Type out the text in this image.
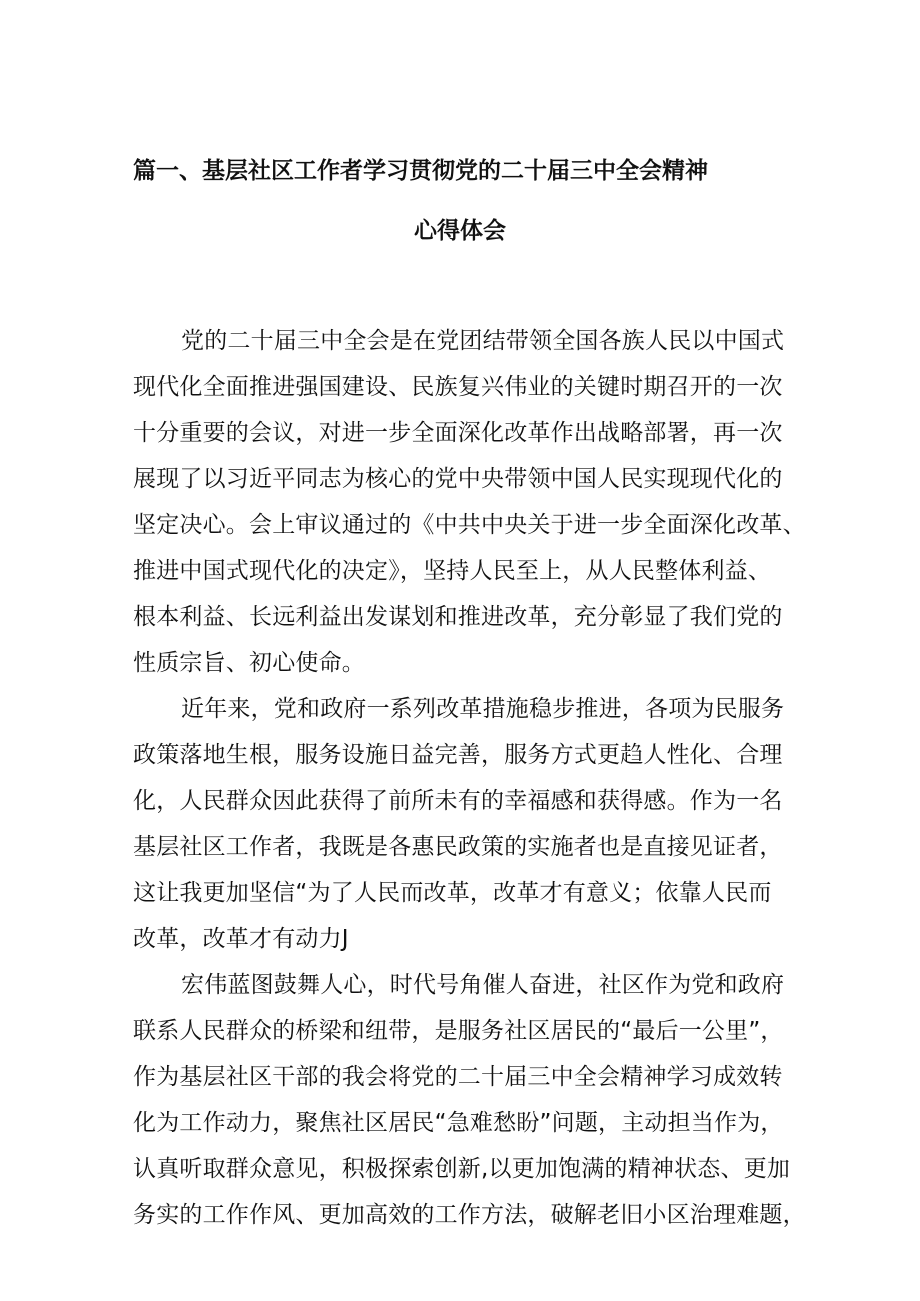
篇一、基层社区工作者学习贯彻党的二十届三中全会精神
心得体会
党的二十届三中全会是在党团结带领全国各族人民以中国式
现代化全面推进强国建设、民族复兴伟业的关键时期召开的一次
十分重要的会议，对进一步全面深化改革作出战略部署，再一次
展现了以习近平同志为核心的党中央带领中国人民实现现代化的
坚定决心。会上审议通过的《中共中央关于进一步全面深化改革、
推进中国式现代化的决定》，坚持人民至上，从人民整体利益、
根本利益、长远利益出发谋划和推进改革，充分彰显了我们党的
性质宗旨、初心使命。
近年来，党和政府一系列改革措施稳步推进，各项为民服务
政策落地生根，服务设施日益完善，服务方式更趋人性化、合理
化，人民群众因此获得了前所未有的幸福感和获得感。作为一名
基层社区工作者，我既是各惠民政策的实施者也是直接见证者，
这让我更加坚信“为了人民而改革，改革才有意义；依靠人民而
改革，改革才有动力J
宏伟蓝图鼓舞人心，时代号角催人奋进，社区作为党和政府
联系人民群众的桥梁和纽带，是服务社区居民的“最后一公里”，
作为基层社区干部的我会将党的二十届三中全会精神学习成效转
化为工作动力，聚焦社区居民“急难愁盼”问题，主动担当作为，
认真听取群众意见，积极探索创新,以更加饱满的精神状态、更加
务实的工作作风、更加高效的工作方法，破解老旧小区治理难题，
